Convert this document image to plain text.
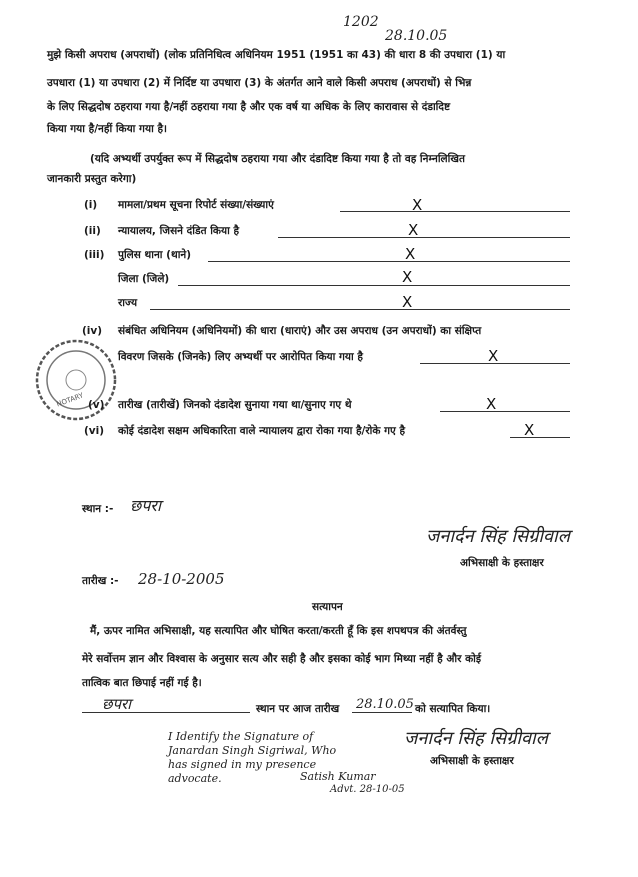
1202
28.10.05
मुझे किसी अपराध (अपराधों) (लोक प्रतिनिधित्व अधिनियम 1951 (1951 का 43) की धारा 8 की उपधारा (1) या
उपधारा (1) या उपधारा (2) में निर्दिष्ट या उपधारा (3) के अंतर्गत आने वाले किसी अपराध (अपराधों) से भिन्न
के लिए सिद्धदोष ठहराया गया है/नहीं ठहराया गया है और एक वर्ष या अधिक के लिए कारावास से दंडादिष्ट
किया गया है/नहीं किया गया है।
(यदि अभ्यर्थी उपर्युक्त रूप में सिद्धदोष ठहराया गया और दंडादिष्ट किया गया है तो वह निम्नलिखित
जानकारी प्रस्तुत करेगा)
(i) मामला/प्रथम सूचना रिपोर्ट संख्या/संख्याएं	X
(ii) न्यायालय, जिसने दंडित किया है	X
(iii) पुलिस थाना (थाने)	X
जिला (जिले)	X
राज्य	X
(iv) संबंधित अधिनियम (अधिनियमों) की धारा (धाराएं) और उस अपराध (उन अपराधों) का संक्षिप्त
विवरण जिसके (जिनके) लिए अभ्यर्थी पर आरोपित किया गया है	X
NOTARY (v) तारीख (तारीखें) जिनको दंडादेश सुनाया गया था/सुनाए गए थे	X
(vi) कोई दंडादेश सक्षम अधिकारिता वाले न्यायालय द्वारा रोका गया है/रोके गए है	X
स्थान :- छपरा
जनार्दन सिंह सिग्रीवाल
अभिसाक्षी के हस्ताक्षर
तारीख :- 28-10-2005
सत्यापन
मैं, ऊपर नामित अभिसाक्षी, यह सत्यापित और घोषित करता/करती हूँ कि इस शपथपत्र की अंतर्वस्तु
मेरे सर्वोत्तम ज्ञान और विश्वास के अनुसार सत्य और सही है और इसका कोई भाग मिथ्या नहीं है और कोई
तात्विक बात छिपाई नहीं गई है।
छपरा	स्थान पर आज तारीख 28.10.05 को सत्यापित किया।
I Identify the Signature of
Janardan Singh Sigriwal, Who
has signed in my presence
advocate.	Satish Kumar
Advt. 28-10-05
जनार्दन सिंह सिग्रीवाल
अभिसाक्षी के हस्ताक्षर
